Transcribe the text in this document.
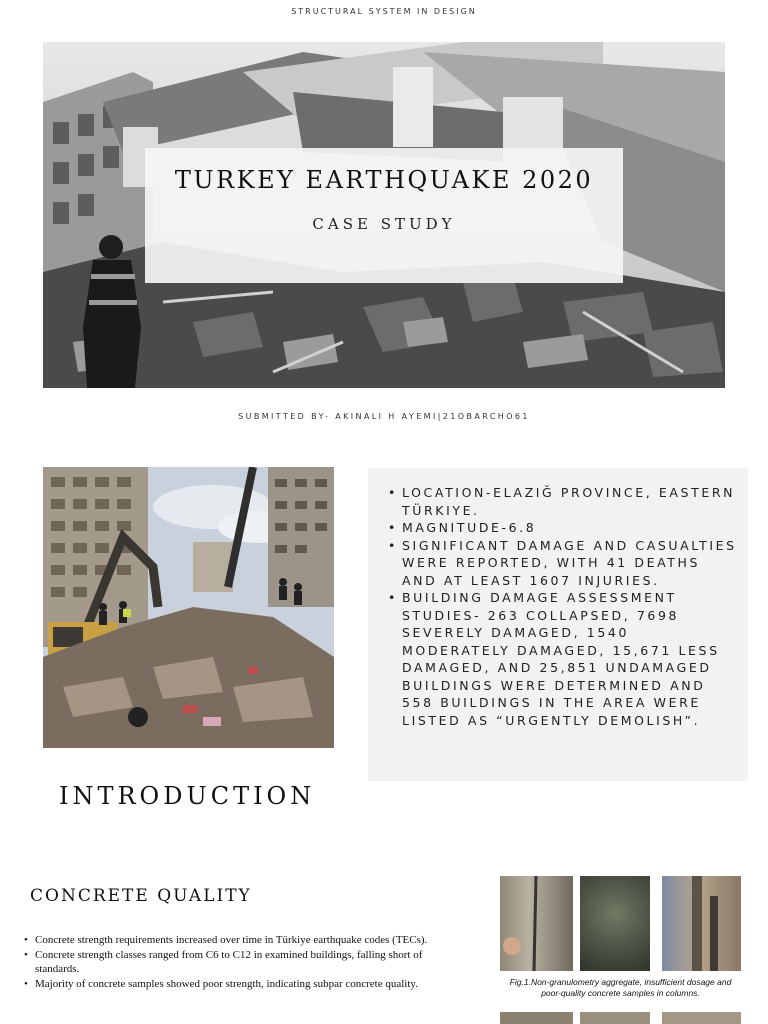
STRUCTURAL SYSTEM IN DESIGN
TURKEY EARTHQUAKE 2020
CASE STUDY
SUBMITTED BY- AKINALI H AYEMI|21OBARCHO61
• LOCATION-ELAZIĞ PROVINCE, EASTERN TÜRKIYE.
• MAGNITUDE-6.8
• SIGNIFICANT DAMAGE AND CASUALTIES WERE REPORTED, WITH 41 DEATHS AND AT LEAST 1607 INJURIES.
• BUILDING DAMAGE ASSESSMENT STUDIES- 263 COLLAPSED, 7698 SEVERELY DAMAGED, 1540 MODERATELY DAMAGED, 15,671 LESS DAMAGED, AND 25,851 UNDAMAGED BUILDINGS WERE DETERMINED AND 558 BUILDINGS IN THE AREA WERE LISTED AS “URGENTLY DEMOLISH”.
INTRODUCTION
CONCRETE QUALITY
• Concrete strength requirements increased over time in Türkiye earthquake codes (TECs).
• Concrete strength classes ranged from C6 to C12 in examined buildings, falling short of standards.
• Majority of concrete samples showed poor strength, indicating subpar concrete quality.	Fig.1.Non-granulometry aggregate, insufficient dosage and poor-quality concrete samples in columns.
